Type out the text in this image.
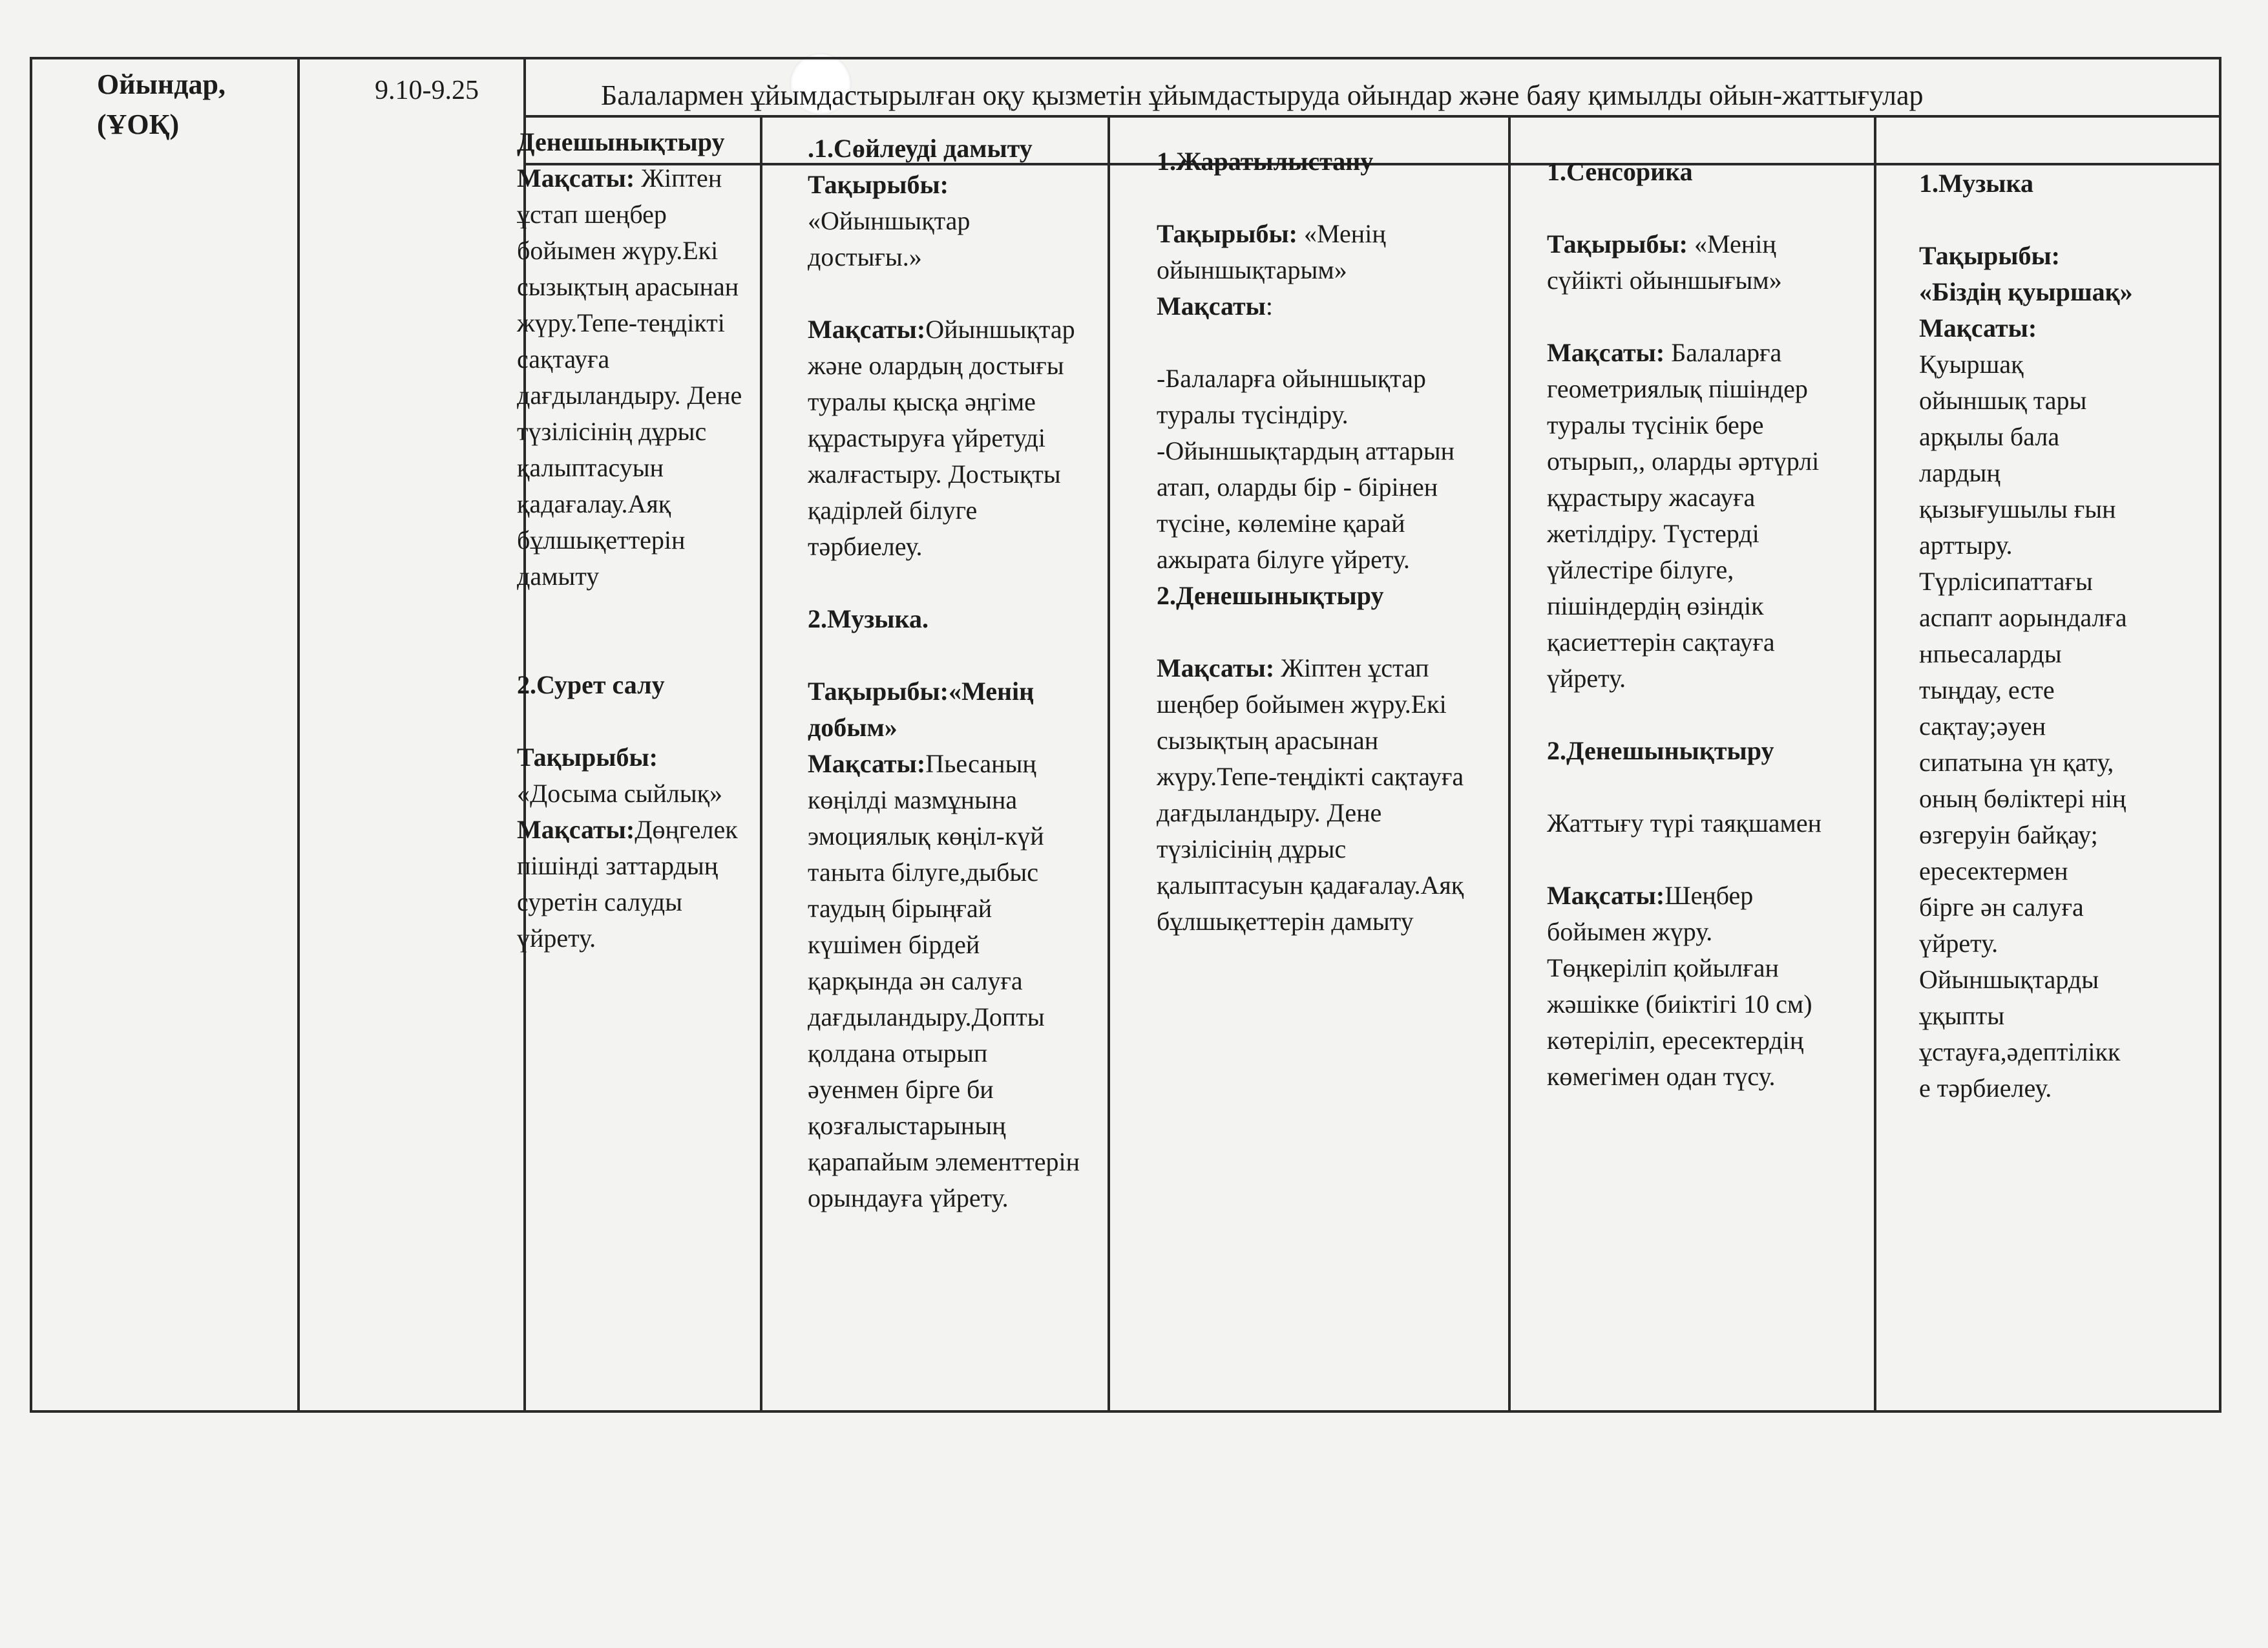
Ойындар,
(ҰОҚ)
9.10-9.25	Балалармен ұйымдастырылған оқу қызметін ұйымдастыруда ойындар және баяу қимылды ойын-жаттығулар
Денешынықтыру
Мақсаты: Жіптен
ұстап шеңбер
бойымен жүру.Екі
сызықтың арасынан
жүру.Тепе-теңдікті
сақтауға
дағдыландыру. Дене
түзілісінің дұрыс
қалыптасуын
қадағалау.Аяқ
бұлшықеттерін
дамыту
2.Сурет салу
Тақырыбы:
«Досыма сыйлық»
Мақсаты:Дөңгелек
пішінді заттардың
суретін салуды
үйрету.
.1.Сөйлеуді дамыту
Тақырыбы:
«Ойыншықтар
достығы.»
Мақсаты:Ойыншықтар
және олардың достығы
туралы қысқа әңгіме
құрастыруға үйретуді
жалғастыру. Достықты
қадірлей білуге
тәрбиелеу.
2.Музыка.
Тақырыбы:«Менің
добым»
Мақсаты:Пьесаның
көңілді мазмұнына
эмоциялық көңіл-күй
таныта білуге,дыбыс
таудың бірыңғай
күшімен бірдей
қарқында ән салуға
дағдыландыру.Допты
қолдана отырып
әуенмен бірге би
қозғалыстарының
қарапайым элементтерін
орындауға үйрету.
1.Жаратылыстану
Тақырыбы: «Менің
ойыншықтарым»
Мақсаты:
-Балаларға ойыншықтар
туралы түсіндіру.
-Ойыншықтардың аттарын
атап, оларды бір - бірінен
түсіне, көлеміне қарай
ажырата білуге үйрету.
2.Денешынықтыру
Мақсаты: Жіптен ұстап
шеңбер бойымен жүру.Екі
сызықтың арасынан
жүру.Тепе-теңдікті сақтауға
дағдыландыру. Дене
түзілісінің дұрыс
қалыптасуын қадағалау.Аяқ
бұлшықеттерін дамыту
1.Сенсорика
Тақырыбы: «Менің
сүйікті ойыншығым»
Мақсаты: Балаларға
геометриялық пішіндер
туралы түсінік бере
отырып,, оларды әртүрлі
құрастыру жасауға
жетілдіру. Түстерді
үйлестіре білуге,
пішіндердің өзіндік
қасиеттерін сақтауға
үйрету.
2.Денешынықтыру
Жаттығу түрі таяқшамен
Мақсаты:Шеңбер
бойымен жүру.
Төңкеріліп қойылған
жәшікке (биіктігі 10 см)
көтеріліп, ересектердің
көмегімен одан түсу.
1.Музыка
Тақырыбы:
«Біздің қуыршақ»
Мақсаты:
Қуыршақ
ойыншық тары
арқылы бала
лардың
қызығушылы ғын
арттыру.
Түрлісипаттағы
аспапт аорындалға
нпьесаларды
тыңдау, есте
сақтау;әуен
сипатына үн қату,
оның бөліктері нің
өзгеруін байқау;
ересектермен
бірге ән салуға
үйрету.
Ойыншықтарды
ұқыпты
ұстауға,әдептілікк
е тәрбиелеу.
